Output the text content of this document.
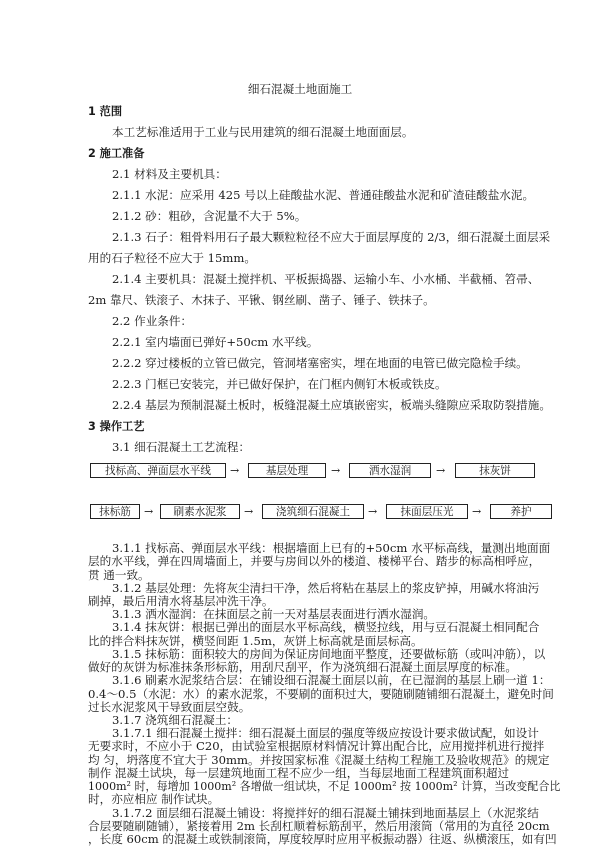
细石混凝土地面施工
1 范围
本工艺标准适用于工业与民用建筑的细石混凝土地面面层。
2 施工准备
2.1 材料及主要机具：
2.1.1 水泥：应采用 425 号以上硅酸盐水泥、普通硅酸盐水泥和矿渣硅酸盐水泥。
2.1.2 砂：粗砂，含泥量不大于 5%。
2.1.3 石子：粗骨料用石子最大颗粒粒径不应大于面层厚度的 2/3，细石混凝土面层采
用的石子粒径不应大于 15mm。
2.1.4 主要机具：混凝土搅拌机、平板振捣器、运输小车、小水桶、半截桶、笤帚、
2m 靠尺、铁滚子、木抹子、平锹、钢丝刷、凿子、锤子、铁抹子。
2.2 作业条件：
2.2.1 室内墙面已弹好+50cm 水平线。
2.2.2 穿过楼板的立管已做完，管洞堵塞密实，埋在地面的电管已做完隐检手续。
2.2.3 门框已安装完，并已做好保护，在门框内侧钉木板或铁皮。
2.2.4 基层为预制混凝土板时，板缝混凝土应填嵌密实，板端头缝隙应采取防裂措施。
3 操作工艺
3.1 细石混凝土工艺流程：
找标高、弹面层水平线	→	基层处理	→	洒水湿润	→	抹灰饼
抹标筋	→	刷素水泥浆	→	浇筑细石混凝土	→	抹面层压光	→	养护
3.1.1 找标高、弹面层水平线：根据墙面上已有的+50cm 水平标高线，量测出地面面
层的水平线，弹在四周墙面上，并要与房间以外的楼道、楼梯平台、踏步的标高相呼应，
贯 通一致。
3.1.2 基层处理：先将灰尘清扫干净，然后将粘在基层上的浆皮铲掉，用碱水将油污
刷掉，最后用清水将基层冲洗干净。
3.1.3 洒水湿润：在抹面层之前一天对基层表面进行洒水湿润。
3.1.4 抹灰饼：根据已弹出的面层水平标高线，横竖拉线，用与豆石混凝土相同配合
比的拌合料抹灰饼，横竖间距 1.5m，灰饼上标高就是面层标高。
3.1.5 抹标筋：面积较大的房间为保证房间地面平整度，还要做标筋（或叫冲筋），以
做好的灰饼为标准抹条形标筋，用刮尺刮平，作为浇筑细石混凝土面层厚度的标准。
3.1.6 刷素水泥浆结合层：在铺设细石混凝土面层以前，在已湿润的基层上刷一道 1：
0.4～0.5（水泥：水）的素水泥浆，不要刷的面积过大，要随刷随铺细石混凝土，避免时间
过长水泥浆风干导致面层空鼓。
3.1.7 浇筑细石混凝土：
3.1.7.1 细石混凝土搅拌：细石混凝土面层的强度等级应按设计要求做试配，如设计
无要求时，不应小于 C20，由试验室根据原材料情况计算出配合比，应用搅拌机进行搅拌
均 匀，坍落度不宜大于 30mm。并按国家标准《混凝土结构工程施工及验收规范》的规定
制作 混凝土试块，每一层建筑地面工程不应少一组，当每层地面工程建筑面积超过
1000m² 时，每增加 1000m² 各增做一组试块，不足 1000m² 按 1000m² 计算，当改变配合比
时，亦应相应 制作试块。
3.1.7.2 面层细石混凝土铺设：将搅拌好的细石混凝土铺抹到地面基层上（水泥浆结
合层要随刷随铺），紧接着用 2m 长刮杠顺着标筋刮平，然后用滚筒（常用的为直径 20cm
，长度 60cm 的混凝土或铁制滚筒，厚度较厚时应用平板振动器）往返、纵横滚压，如有凹
